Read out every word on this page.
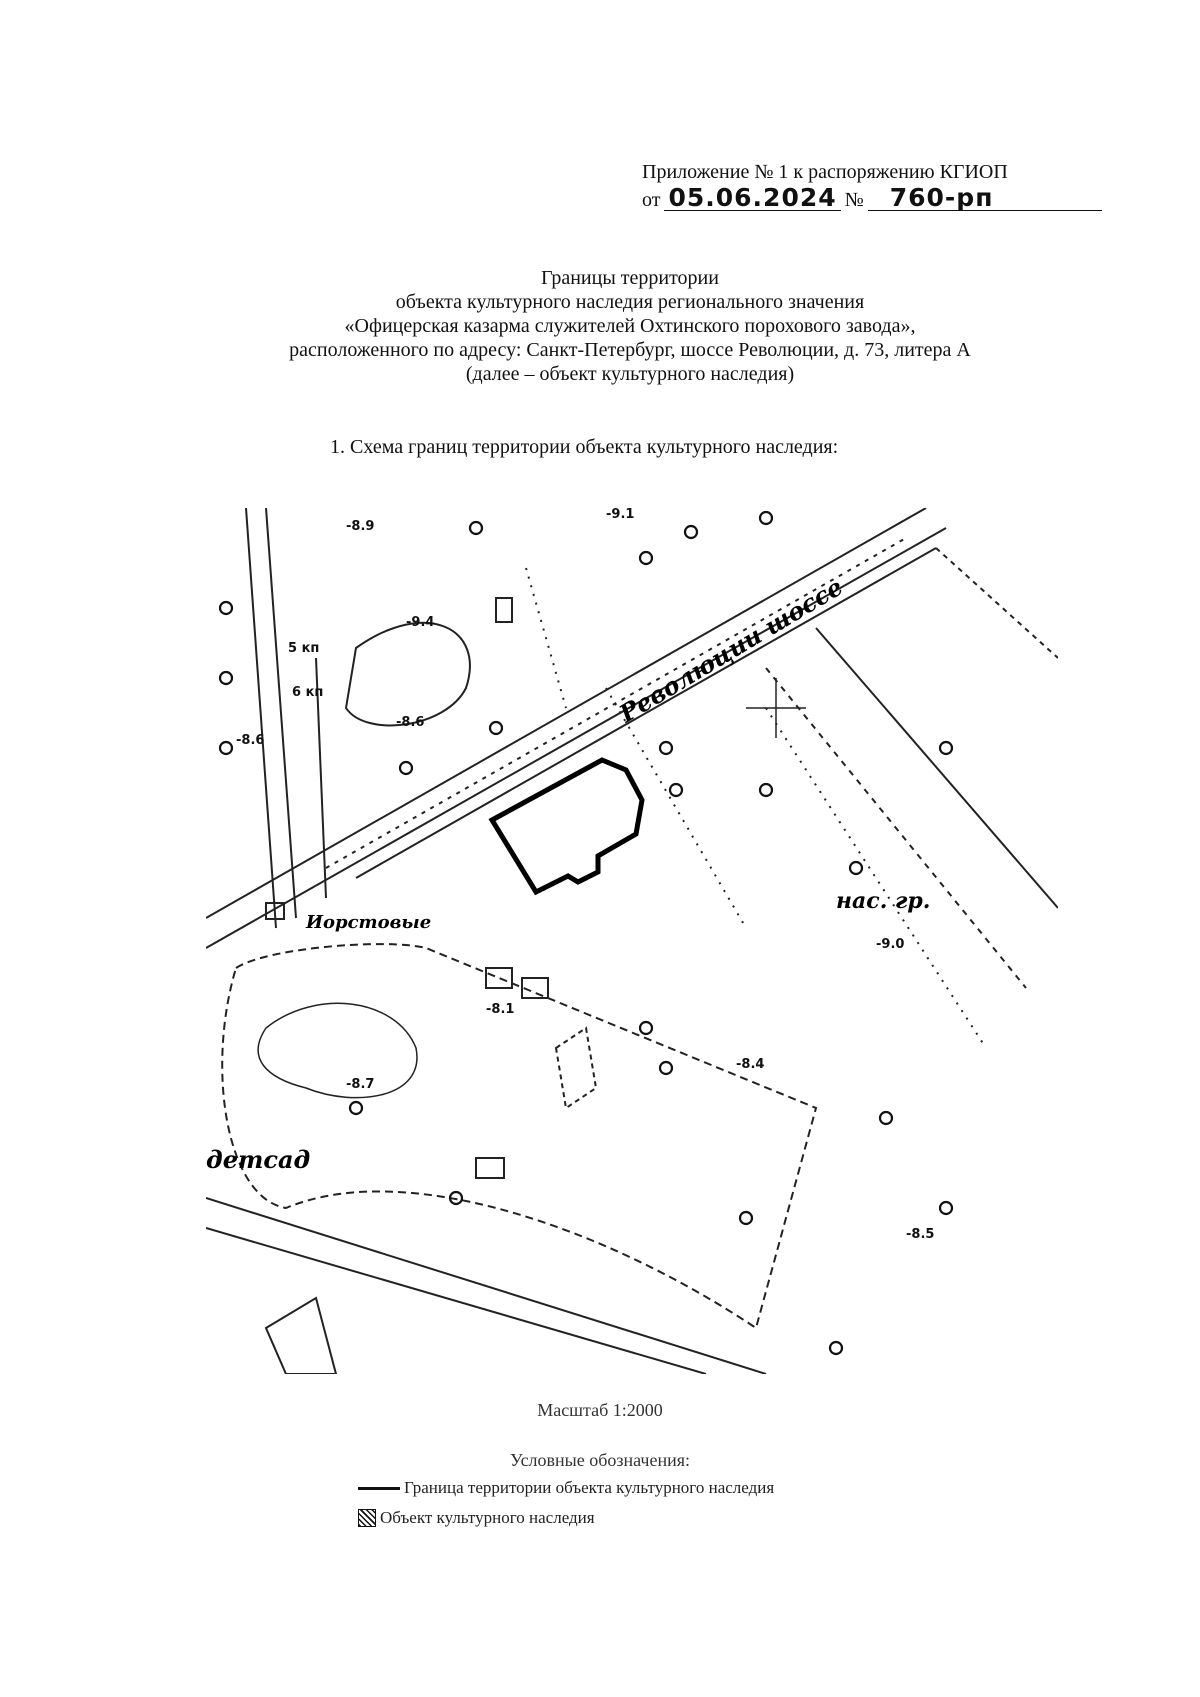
Приложение № 1 к распоряжению КГИОП
от 05.06.2024 №	760-рп
Границы территории
объекта культурного наследия регионального значения
«Офицерская казарма служителей Охтинского порохового завода»,
расположенного по адресу: Санкт-Петербург, шоссе Революции, д. 73, литера А
(далее – объект культурного наследия)
1. Схема границ территории объекта культурного наследия:
Революции шоссе
детсад
нас. гр.
Иорстовые
-9.1
-9.4
-8.6
-8.9
-9.0
-8.1
-8.7
-8.4
-8.5
-8.6
5 кп
6 кп
Масштаб 1:2000
Условные обозначения:
Граница территории объекта культурного наследия
Объект культурного наследия
